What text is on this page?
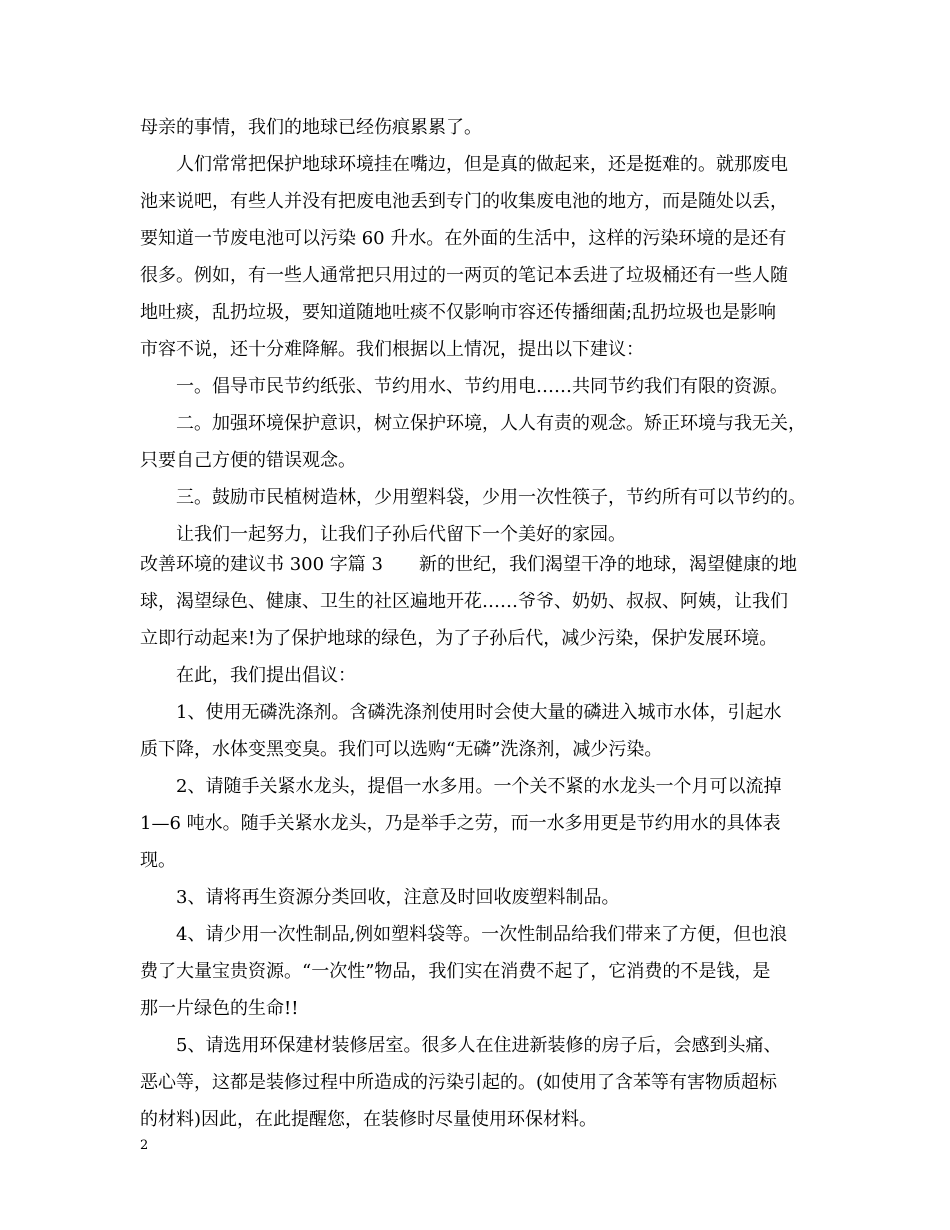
母亲的事情，我们的地球已经伤痕累累了。
人们常常把保护地球环境挂在嘴边，但是真的做起来，还是挺难的。就那废电
池来说吧，有些人并没有把废电池丢到专门的收集废电池的地方，而是随处以丢，
要知道一节废电池可以污染 60 升水。在外面的生活中，这样的污染环境的是还有
很多。例如，有一些人通常把只用过的一两页的笔记本丢进了垃圾桶还有一些人随
地吐痰，乱扔垃圾，要知道随地吐痰不仅影响市容还传播细菌;乱扔垃圾也是影响
市容不说，还十分难降解。我们根据以上情况，提出以下建议：
一。倡导市民节约纸张、节约用水、节约用电……共同节约我们有限的资源。
二。加强环境保护意识，树立保护环境，人人有责的观念。矫正环境与我无关，
只要自己方便的错误观念。
三。鼓励市民植树造林，少用塑料袋，少用一次性筷子，节约所有可以节约的。
让我们一起努力，让我们子孙后代留下一个美好的家园。
改善环境的建议书 300 字篇 3　　新的世纪，我们渴望干净的地球，渴望健康的地
球，渴望绿色、健康、卫生的社区遍地开花……爷爷、奶奶、叔叔、阿姨，让我们
立即行动起来!为了保护地球的绿色，为了子孙后代，减少污染，保护发展环境。
在此，我们提出倡议：
1、使用无磷洗涤剂。含磷洗涤剂使用时会使大量的磷进入城市水体，引起水
质下降，水体变黑变臭。我们可以选购“无磷”洗涤剂，减少污染。
2、请随手关紧水龙头，提倡一水多用。一个关不紧的水龙头一个月可以流掉
1—6 吨水。随手关紧水龙头，乃是举手之劳，而一水多用更是节约用水的具体表
现。
3、请将再生资源分类回收，注意及时回收废塑料制品。
4、请少用一次性制品,例如塑料袋等。一次性制品给我们带来了方便，但也浪
费了大量宝贵资源。“一次性”物品，我们实在消费不起了，它消费的不是钱，是
那一片绿色的生命!!
5、请选用环保建材装修居室。很多人在住进新装修的房子后，会感到头痛、
恶心等，这都是装修过程中所造成的污染引起的。(如使用了含苯等有害物质超标
的材料)因此，在此提醒您，在装修时尽量使用环保材料。
2
